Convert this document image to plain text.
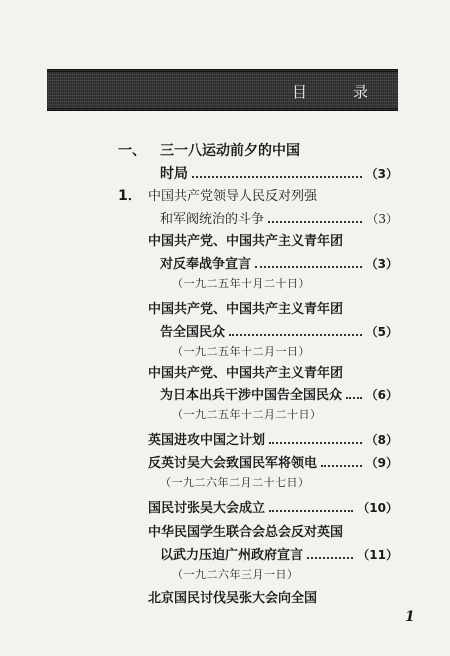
目录
一、 三一八运动前夕的中国
时局	（3）
1． 中国共产党领导人民反对列强
和军阀统治的斗争	（3）
中国共产党、中国共产主义青年团
对反奉战争宣言	（3）
（一九二五年十月二十日）
中国共产党、中国共产主义青年团
告全国民众	（5）
（一九二五年十二月一日）
中国共产党、中国共产主义青年团
为日本出兵干涉中国告全国民众 （6）
（一九二五年十二月二十日）
英国进攻中国之计划	（8）
反英讨吴大会致国民军将领电	（9）
（一九二六年二月二十七日）
国民讨张吴大会成立	（10）
中华民国学生联合会总会反对英国
以武力压迫广州政府宣言	（11）
（一九二六年三月一日）
北京国民讨伐吴张大会向全国
1
